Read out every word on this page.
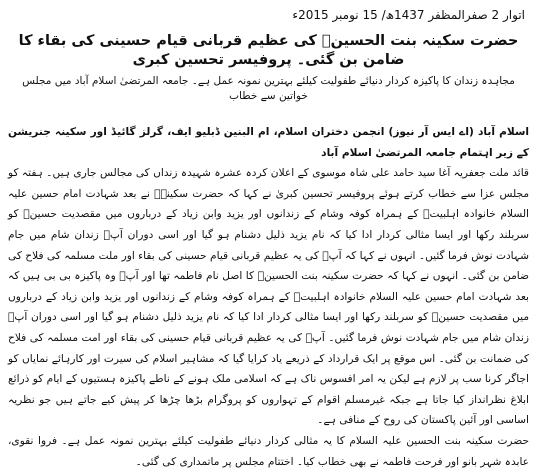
اتوار 2 صفرالمظفر 1437ھ/ 15 نومبر 2015ء
حضرت سکینہ بنت الحسینؑ کی عظیم قربانی قیام حسینی کی بقاء کا ضامن بن گئی۔ پروفیسر تحسین کبری
مجاہدہ زندان کا پاکیزہ کردار دنیائے طفولیت کیلئے بہترین نمونہ عمل ہے۔ جامعہ المرتضیٰ اسلام آباد میں مجلس خواتین سے خطاب

اسلام آباد (اے ایس آر نیوز) انجمن دختران اسلام، ام البنین ڈبلیو ایف، گرلز گائیڈ اور سکینہ جنریشن کے زیر اہتمام جامعہ المرتضیٰ اسلام آباد

قائد ملت جعفریہ آغا سید حامد علی شاہ موسوی کے اعلان کردہ عشرہ شہیدہ زنداں کی مجالس جاری ہیں۔ ہفتہ کو مجلس عزا سے خطاب کرتے ہوئے پروفیسر تحسین کبریٰ نے کہا کہ حضرت سکینہؑ نے بعد شہادت امام حسین علیہ السلام خانوادہ اہلبیتؑ کے ہمراہ کوفہ وشام کے زندانوں اور یزید وابن زیاد کے درباروں میں مقصدیت حسینؑ کو سربلند رکھا اور ایسا مثالی کردار ادا کیا کہ نام یزید ذلیل دشنام ہو گیا اور اسی دوران آپؑ زندان شام میں جام شہادت نوش فرما گئیں۔ انہوں نے کہا کہ آپؑ کی یہ عظیم قربانی قیام حسینی کی بقاء اور ملت مسلمہ کی فلاح کی ضامن بن گئی۔ انہوں نے کہا کہ حضرت سکینہ بنت الحسینؑ کا اصل نام فاطمہ تھا اور آپؑ وہ پاکیزہ بی بی ہیں کہ بعد شہادت امام حسین علیہ السلام خانوادہ اہلبیتؑ کے ہمراہ کوفہ وشام کے زندانوں اور یزید وابن زیاد کے درباروں میں مقصدیت حسینؑ کو سربلند رکھا اور ایسا مثالی کردار ادا کیا کہ نام یزید ذلیل دشنام ہو گیا اور اسی دوران آپؑ زندان شام میں جام شہادت نوش فرما گئیں۔ آپؑ کی یہ عظیم قربانی قیام حسینی کی بقاء اور امت مسلمہ کی فلاح کی ضمانت بن گئی۔ اس موقع پر ایک قرارداد کے ذریعے یاد کرایا گیا کہ مشاہیر اسلام کی سیرت اور کارہائے نمایاں کو اجاگر کرنا سب پر لازم ہے لیکن یہ امر افسوس ناک ہے کہ اسلامی ملک ہونے کے ناطے پاکیزہ ہستیوں کے ایام کو ذرائع ابلاغ نظرانداز کیا جاتا ہے جبکہ غیرمسلم اقوام کے تہواروں کو پروگرام بڑھا چڑھا کر پیش کیے جاتے ہیں جو نظریہ اساسی اور آئین پاکستان کی روح کے منافی ہے۔

حضرت سکینہ بنت الحسین علیہ السلام کا یہ مثالی کردار دنیائے طفولیت کیلئے بہترین نمونہ عمل ہے۔ فروا نقوی، عابدہ شہر بانو اور فرحت فاطمہ نے بھی خطاب کیا۔ اختتام مجلس پر ماتمداری کی گئی۔
